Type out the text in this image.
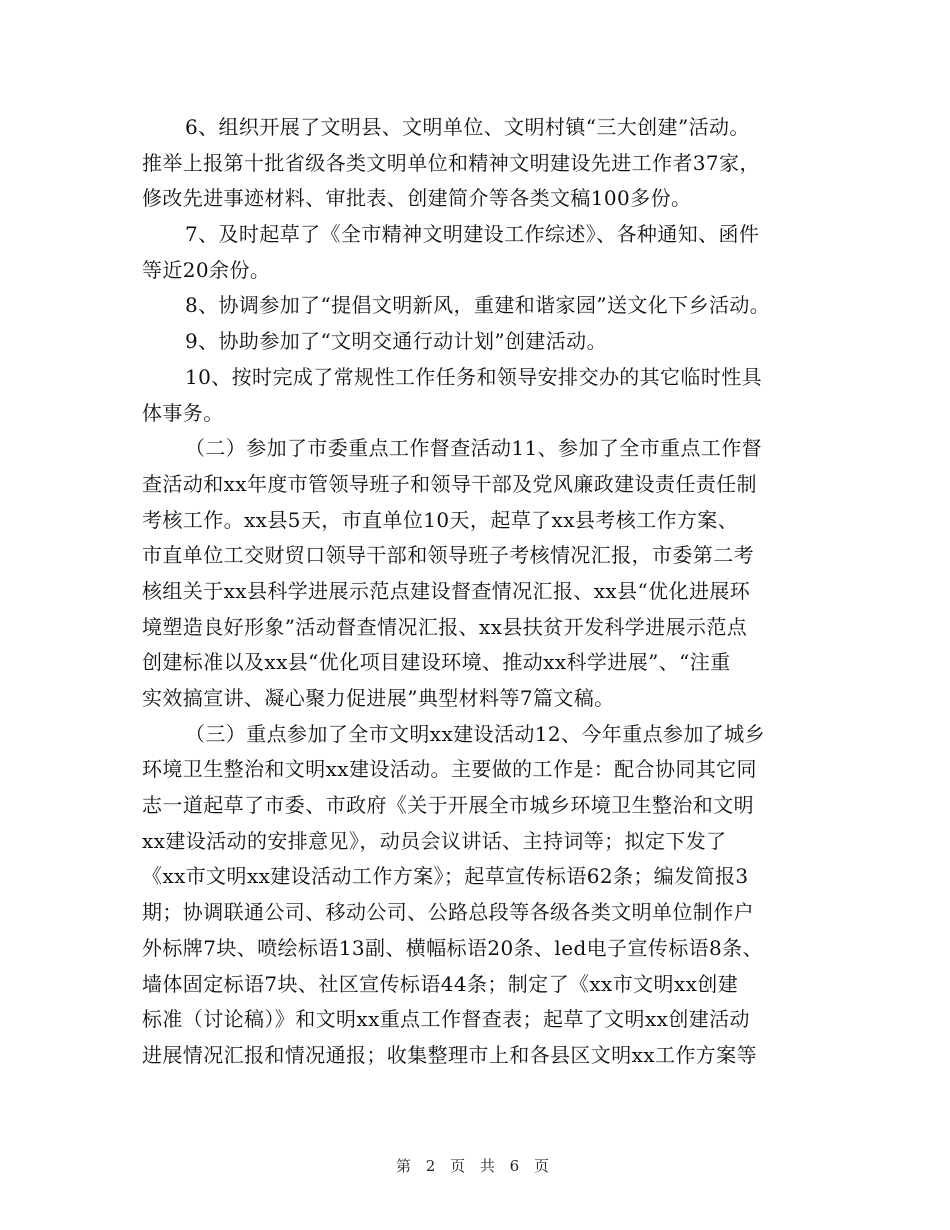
6、组织开展了文明县、文明单位、文明村镇“三大创建”活动。
推举上报第十批省级各类文明单位和精神文明建设先进工作者37家，
修改先进事迹材料、审批表、创建简介等各类文稿100多份。
7、及时起草了《全市精神文明建设工作综述》、各种通知、函件
等近20余份。
8、协调参加了“提倡文明新风，重建和谐家园”送文化下乡活动。
9、协助参加了“文明交通行动计划”创建活动。
10、按时完成了常规性工作任务和领导安排交办的其它临时性具
体事务。
（二）参加了市委重点工作督查活动11、参加了全市重点工作督
查活动和xx年度市管领导班子和领导干部及党风廉政建设责任责任制
考核工作。xx县5天，市直单位10天，起草了xx县考核工作方案、
市直单位工交财贸口领导干部和领导班子考核情况汇报，市委第二考
核组关于xx县科学进展示范点建设督查情况汇报、xx县“优化进展环
境塑造良好形象”活动督查情况汇报、xx县扶贫开发科学进展示范点
创建标准以及xx县“优化项目建设环境、推动xx科学进展”、“注重
实效搞宣讲、凝心聚力促进展”典型材料等7篇文稿。
（三）重点参加了全市文明xx建设活动12、今年重点参加了城乡
环境卫生整治和文明xx建设活动。主要做的工作是：配合协同其它同
志一道起草了市委、市政府《关于开展全市城乡环境卫生整治和文明
xx建设活动的安排意见》，动员会议讲话、主持词等；拟定下发了
《xx市文明xx建设活动工作方案》；起草宣传标语62条；编发简报3
期；协调联通公司、移动公司、公路总段等各级各类文明单位制作户
外标牌7块、喷绘标语13副、横幅标语20条、led电子宣传标语8条、
墙体固定标语7块、社区宣传标语44条；制定了《xx市文明xx创建
标准（讨论稿）》和文明xx重点工作督查表；起草了文明xx创建活动
进展情况汇报和情况通报；收集整理市上和各县区文明xx工作方案等
第 2 页 共 6 页
